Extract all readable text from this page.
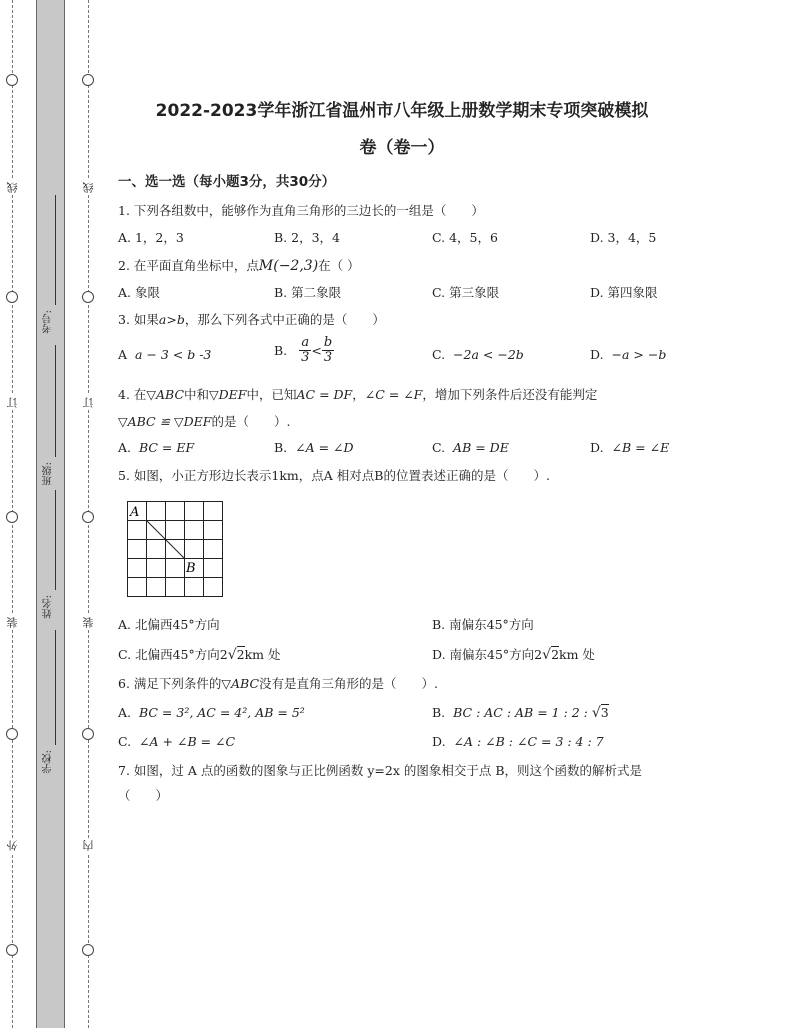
线
订
装
外
线
订
装
内
考号:
班级:
姓名:
学校:
2022-2023学年浙江省温州市八年级上册数学期末专项突破模拟
卷（卷一）
一、选一选（每小题3分，共30分）
1. 下列各组数中，能够作为直角三角形的三边长的一组是（　　）
A. 1，2，3	B. 2，3，4	C. 4，5，6	D. 3，4，5
2. 在平面直角坐标中，点M(−2,3)在（ ）
A. 象限	B. 第二象限	C. 第三象限	D. 第四象限
3. 如果a>b，那么下列各式中正确的是（　　）
A a − 3 < b -3	B. $\frac{a}{3} < \frac{b}{3}$	C. −2a < −2b	D. −a > −b
4. 在▽ABC中和▽DEF中，已知AC = DF，∠C = ∠F，增加下列条件后还没有能判定
▽ABC ≌ ▽DEF的是（　　）.
A. BC = EF	B. ∠A = ∠D	C. AB = DE	D. ∠B = ∠E
5. 如图，小正方形边长表示1km，点A 相对点B的位置表述正确的是（　　）.
A
B
A. 北偏西45°方向	B. 南偏东45°方向
C. 北偏西45°方向2√2km 处	D. 南偏东45°方向2√2km 处
6. 满足下列条件的▽ABC没有是直角三角形的是（　　）.
A. BC = 3², AC = 4², AB = 5²	B. BC : AC : AB = 1 : 2 : √3
C. ∠A + ∠B = ∠C	D. ∠A : ∠B : ∠C = 3 : 4 : 7
7. 如图，过 A 点的函数的图象与正比例函数 y=2x 的图象相交于点 B，则这个函数的解析式是
（　　）
